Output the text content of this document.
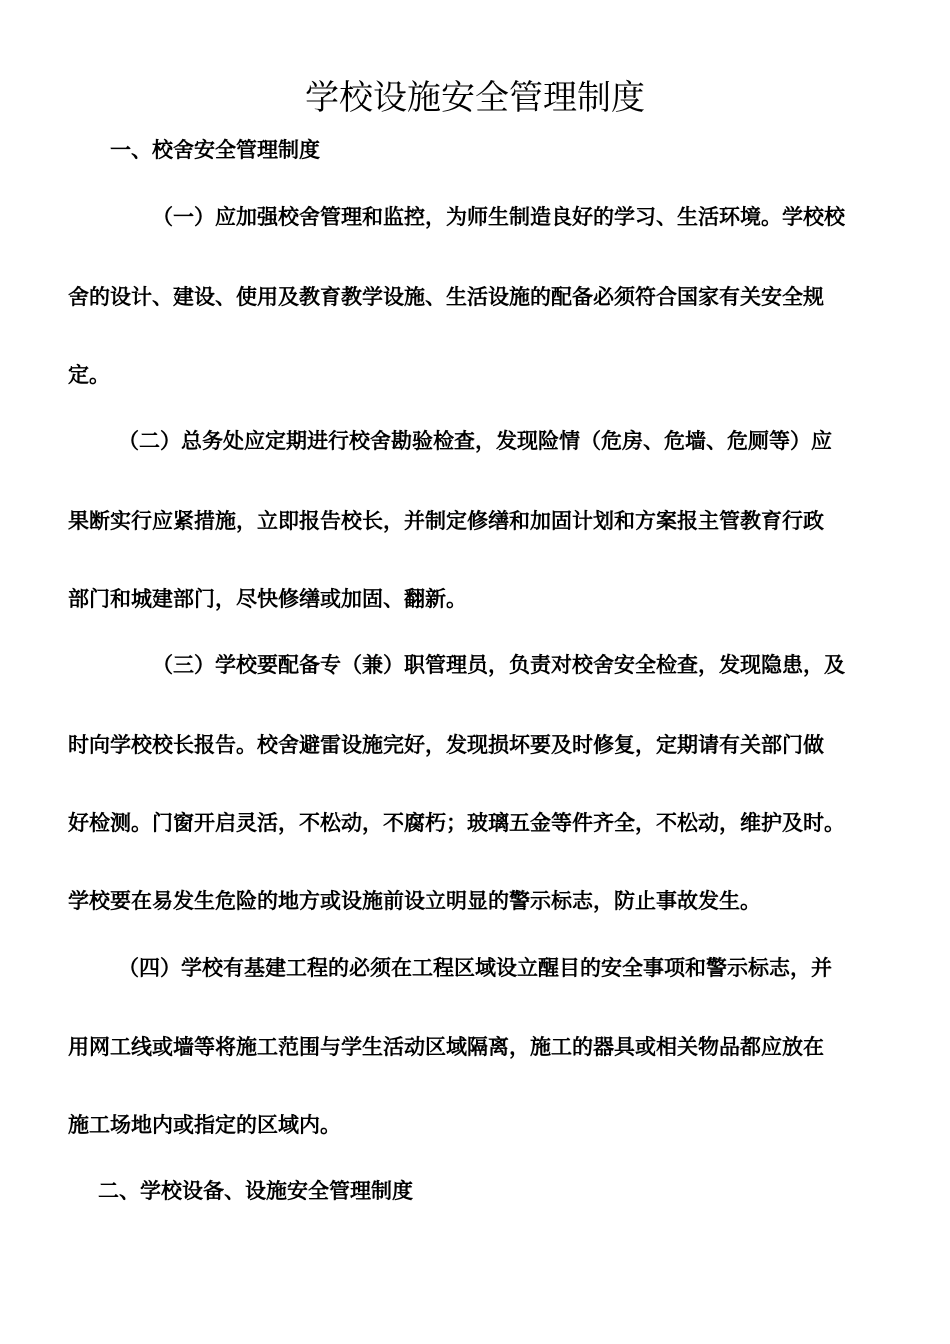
学校设施安全管理制度
一、校舍安全管理制度
（一）应加强校舍管理和监控，为师生制造良好的学习、生活环境。学校校
舍的设计、建设、使用及教育教学设施、生活设施的配备必须符合国家有关安全规
定。
（二）总务处应定期进行校舍勘验检查，发现险情（危房、危墙、危厕等）应
果断实行应紧措施，立即报告校长，并制定修缮和加固计划和方案报主管教育行政
部门和城建部门，尽快修缮或加固、翻新。
（三）学校要配备专（兼）职管理员，负责对校舍安全检查，发现隐患，及
时向学校校长报告。校舍避雷设施完好，发现损坏要及时修复，定期请有关部门做
好检测。门窗开启灵活，不松动，不腐朽；玻璃五金等件齐全，不松动，维护及时。
学校要在易发生危险的地方或设施前设立明显的警示标志，防止事故发生。
（四）学校有基建工程的必须在工程区域设立醒目的安全事项和警示标志，并
用网工线或墙等将施工范围与学生活动区域隔离，施工的器具或相关物品都应放在
施工场地内或指定的区域内。
二、学校设备、设施安全管理制度
